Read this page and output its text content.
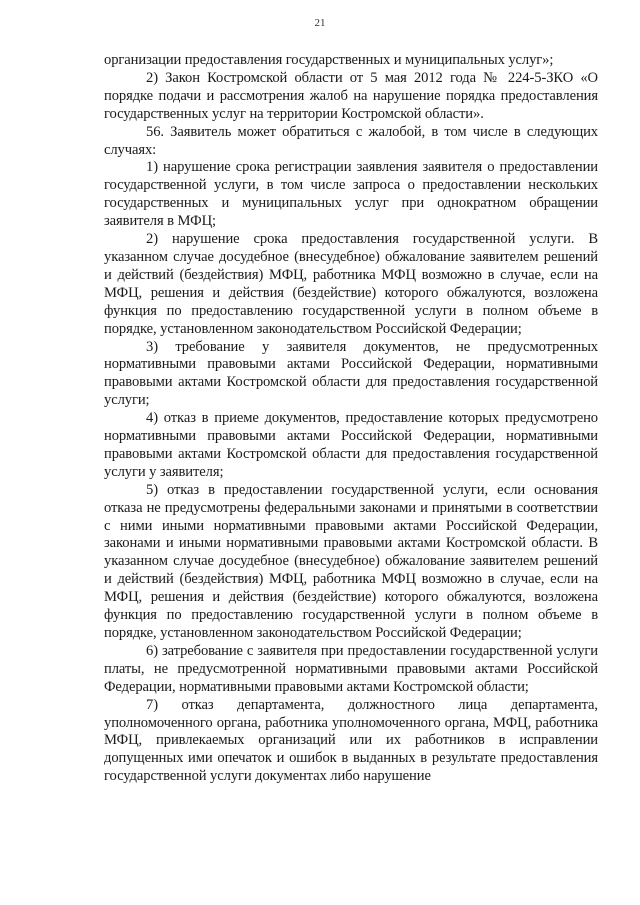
21

организации предоставления государственных и муниципальных услуг»;

2) Закон Костромской области от 5 мая 2012 года № 224-5-ЗКО «О порядке подачи и рассмотрения жалоб на нарушение порядка предоставления государственных услуг на территории Костромской области».

56. Заявитель может обратиться с жалобой, в том числе в следующих случаях:

1) нарушение срока регистрации заявления заявителя о предоставлении государственной услуги, в том числе запроса о предоставлении нескольких государственных и муниципальных услуг при однократном обращении заявителя в МФЦ;

2) нарушение срока предоставления государственной услуги. В указанном случае досудебное (внесудебное) обжалование заявителем решений и действий (бездействия) МФЦ, работника МФЦ возможно в случае, если на МФЦ, решения и действия (бездействие) которого обжалуются, возложена функция по предоставлению государственной услуги в полном объеме в порядке, установленном законодательством Российской Федерации;

3) требование у заявителя документов, не предусмотренных нормативными правовыми актами Российской Федерации, нормативными правовыми актами Костромской области для предоставления государственной услуги;

4) отказ в приеме документов, предоставление которых предусмотрено нормативными правовыми актами Российской Федерации, нормативными правовыми актами Костромской области для предоставления государственной услуги у заявителя;

5) отказ в предоставлении государственной услуги, если основания отказа не предусмотрены федеральными законами и принятыми в соответствии с ними иными нормативными правовыми актами Российской Федерации, законами и иными нормативными правовыми актами Костромской области. В указанном случае досудебное (внесудебное) обжалование заявителем решений и действий (бездействия) МФЦ, работника МФЦ возможно в случае, если на МФЦ, решения и действия (бездействие) которого обжалуются, возложена функция по предоставлению государственной услуги в полном объеме в порядке, установленном законодательством Российской Федерации;

6) затребование с заявителя при предоставлении государственной услуги платы, не предусмотренной нормативными правовыми актами Российской Федерации, нормативными правовыми актами Костромской области;

7) отказ департамента, должностного лица департамента, уполномоченного органа, работника уполномоченного органа, МФЦ, работника МФЦ, привлекаемых организаций или их работников в исправлении допущенных ими опечаток и ошибок в выданных в результате предоставления государственной услуги документах либо нарушение
